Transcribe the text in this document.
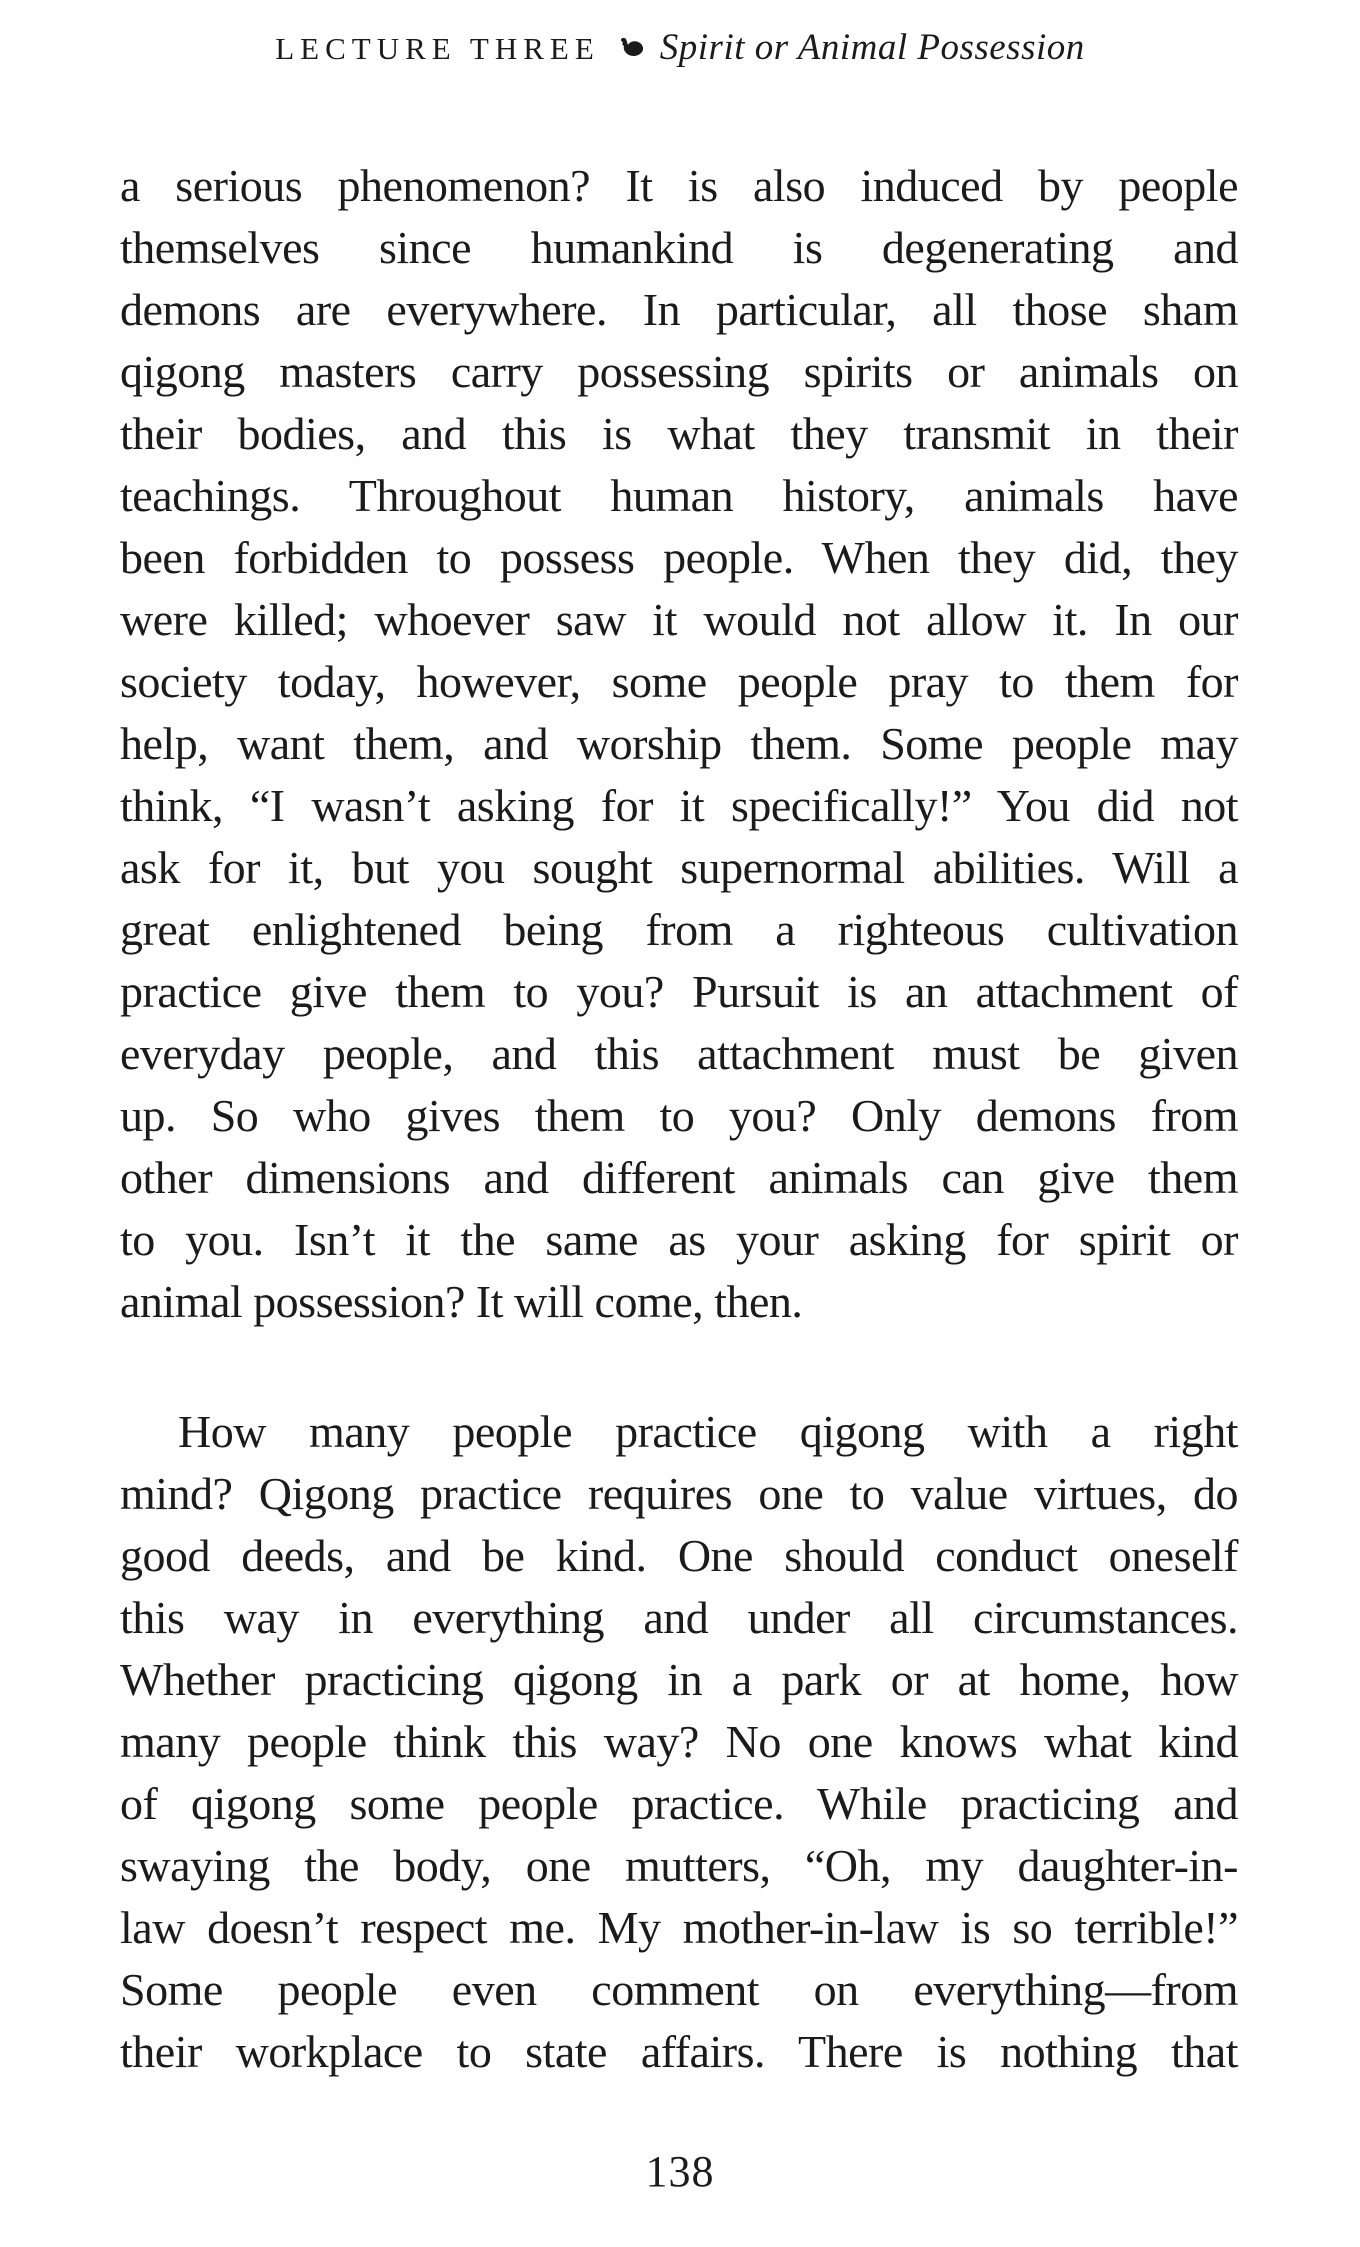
LECTURE THREE Spirit or Animal Possession
a serious phenomenon? It is also induced by people
themselves since humankind is degenerating and
demons are everywhere. In particular, all those sham
qigong masters carry possessing spirits or animals on
their bodies, and this is what they transmit in their
teachings. Throughout human history, animals have
been forbidden to possess people. When they did, they
were killed; whoever saw it would not allow it. In our
society today, however, some people pray to them for
help, want them, and worship them. Some people may
think, “I wasn’t asking for it specifically!” You did not
ask for it, but you sought supernormal abilities. Will a
great enlightened being from a righteous cultivation
practice give them to you? Pursuit is an attachment of
everyday people, and this attachment must be given
up. So who gives them to you? Only demons from
other dimensions and different animals can give them
to you. Isn’t it the same as your asking for spirit or
animal possession? It will come, then.
How many people practice qigong with a right
mind? Qigong practice requires one to value virtues, do
good deeds, and be kind. One should conduct oneself
this way in everything and under all circumstances.
Whether practicing qigong in a park or at home, how
many people think this way? No one knows what kind
of qigong some people practice. While practicing and
swaying the body, one mutters, “Oh, my daughter-in-
law doesn’t respect me. My mother-in-law is so terrible!”
Some people even comment on everything—from
their workplace to state affairs. There is nothing that
138
